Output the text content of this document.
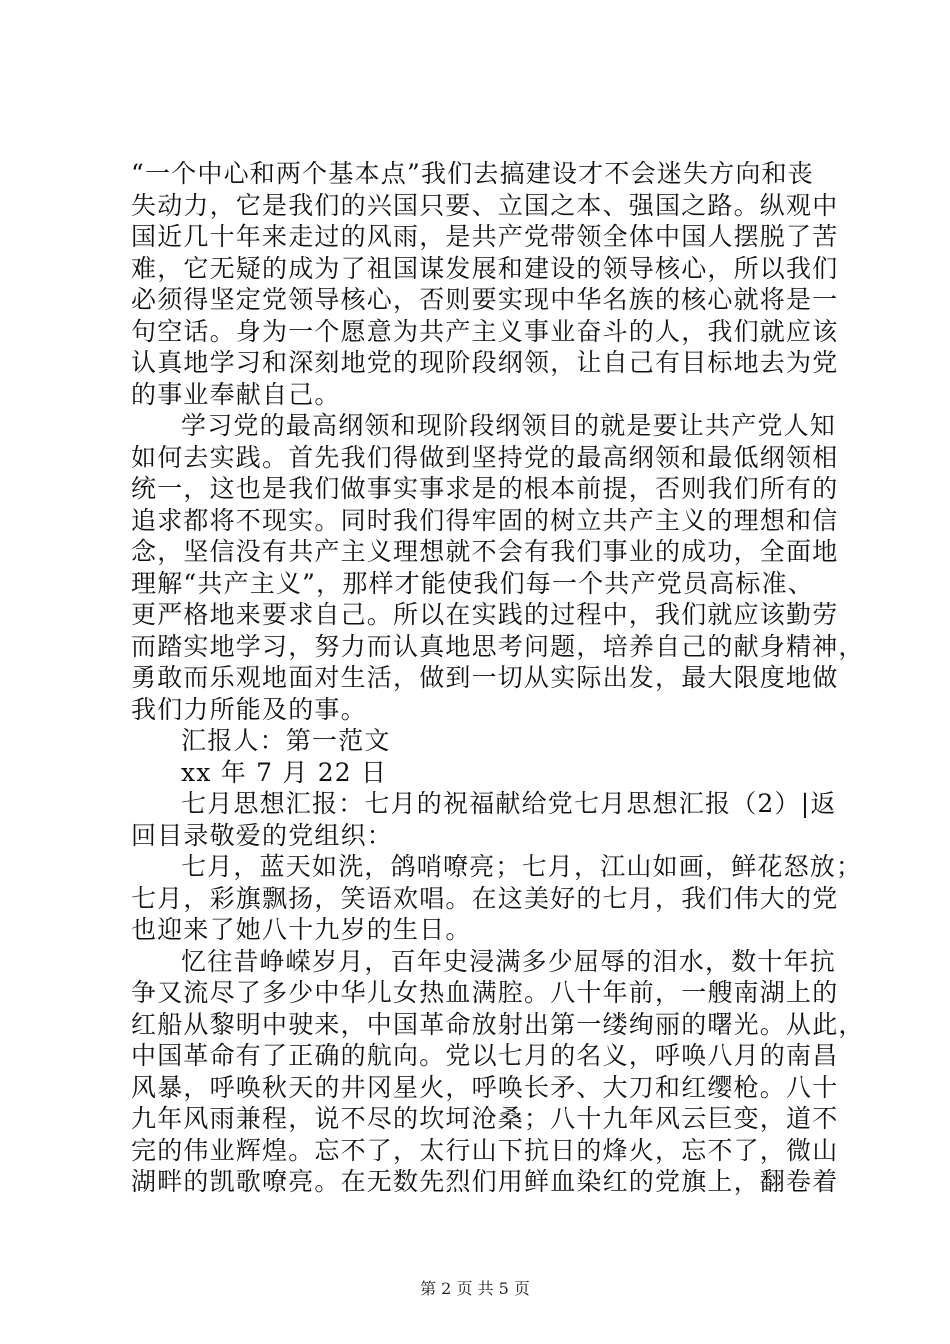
“一个中心和两个基本点”我们去搞建设才不会迷失方向和丧
失动力，它是我们的兴国只要、立国之本、强国之路。纵观中
国近几十年来走过的风雨，是共产党带领全体中国人摆脱了苦
难，它无疑的成为了祖国谋发展和建设的领导核心，所以我们
必须得坚定党领导核心，否则要实现中华名族的核心就将是一
句空话。身为一个愿意为共产主义事业奋斗的人，我们就应该
认真地学习和深刻地党的现阶段纲领，让自己有目标地去为党
的事业奉献自己。
学习党的最高纲领和现阶段纲领目的就是要让共产党人知
如何去实践。首先我们得做到坚持党的最高纲领和最低纲领相
统一，这也是我们做事实事求是的根本前提，否则我们所有的
追求都将不现实。同时我们得牢固的树立共产主义的理想和信
念，坚信没有共产主义理想就不会有我们事业的成功，全面地
理解“共产主义”，那样才能使我们每一个共产党员高标准、
更严格地来要求自己。所以在实践的过程中，我们就应该勤劳
而踏实地学习，努力而认真地思考问题，培养自己的献身精神，
勇敢而乐观地面对生活，做到一切从实际出发，最大限度地做
我们力所能及的事。
汇报人：第一范文
xx 年 7 月 22 日
七月思想汇报：七月的祝福献给党七月思想汇报（2）|返
回目录敬爱的党组织：
七月，蓝天如洗，鸽哨嘹亮；七月，江山如画，鲜花怒放；
七月，彩旗飘扬，笑语欢唱。在这美好的七月，我们伟大的党
也迎来了她八十九岁的生日。
忆往昔峥嵘岁月，百年史浸满多少屈辱的泪水，数十年抗
争又流尽了多少中华儿女热血满腔。八十年前，一艘南湖上的
红船从黎明中驶来，中国革命放射出第一缕绚丽的曙光。从此，
中国革命有了正确的航向。党以七月的名义，呼唤八月的南昌
风暴，呼唤秋天的井冈星火，呼唤长矛、大刀和红缨枪。八十
九年风雨兼程，说不尽的坎坷沧桑；八十九年风云巨变，道不
完的伟业辉煌。忘不了，太行山下抗日的烽火，忘不了，微山
湖畔的凯歌嘹亮。在无数先烈们用鲜血染红的党旗上，翻卷着
第 2 页 共 5 页
